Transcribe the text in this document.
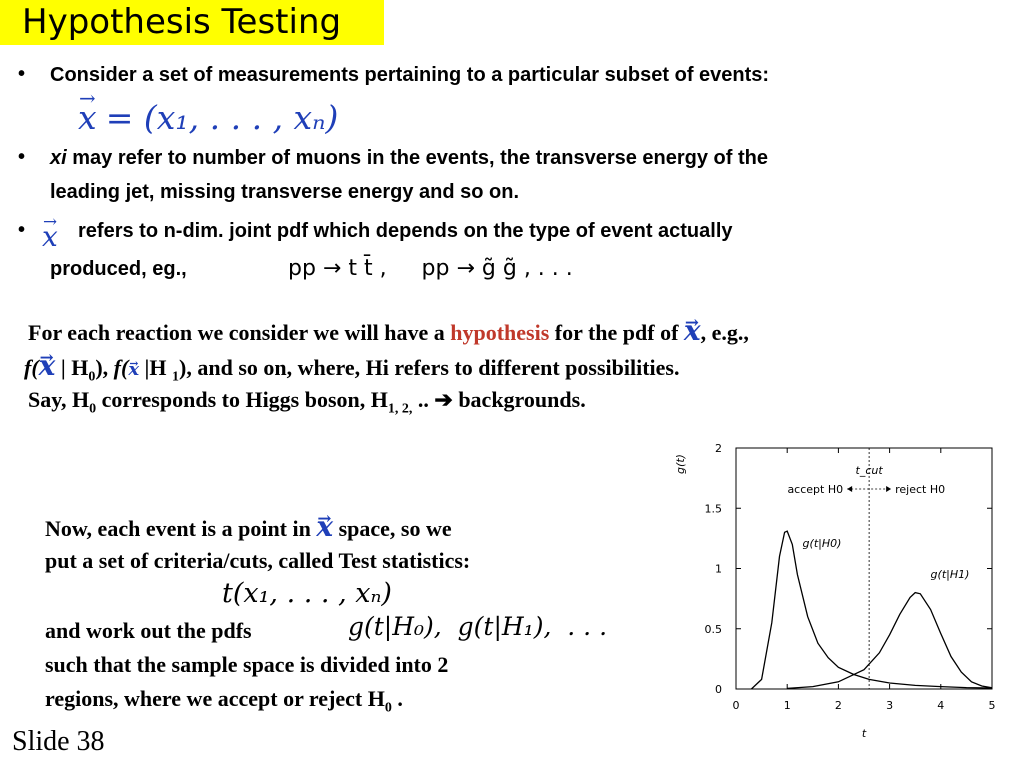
Hypothesis Testing
• Consider a set of measurements pertaining to a particular subset of events:
→ x = (x₁, . . . , xₙ)
• xi may refer to number of muons in the events, the transverse energy of the
leading jet, missing transverse energy and so on.
•
→ x refers to n-dim. joint pdf which depends on the type of event actually
produced, eg.,	pp → t t̄ ,     pp → g̃ g̃ , . . .
For each reaction we consider we will have a hypothesis for the pdf of → x, e.g.,
f(→ x | $H_0$), f(→ x |H $_1$), and so on, where, Hi refers to different possibilities.
Say, $H_0$ corresponds to Higgs boson, $H_{1, 2,}$ .. ➔ backgrounds.
Now, each event is a point in → x space, so we
put a set of criteria/cuts, called Test statistics:
t(x₁, . . . , xₙ)
and work out the pdfs	g(t|H₀),  g(t|H₁),  . . .
such that the sample space is divided into 2
regions, where we accept or reject $H_0$ .
Slide 38
0	1	2	3	4	5
0
0.5
1
1.5
2
t
g(t)	t_cut
accept H0	reject H0
g(t|H0)
g(t|H1)
